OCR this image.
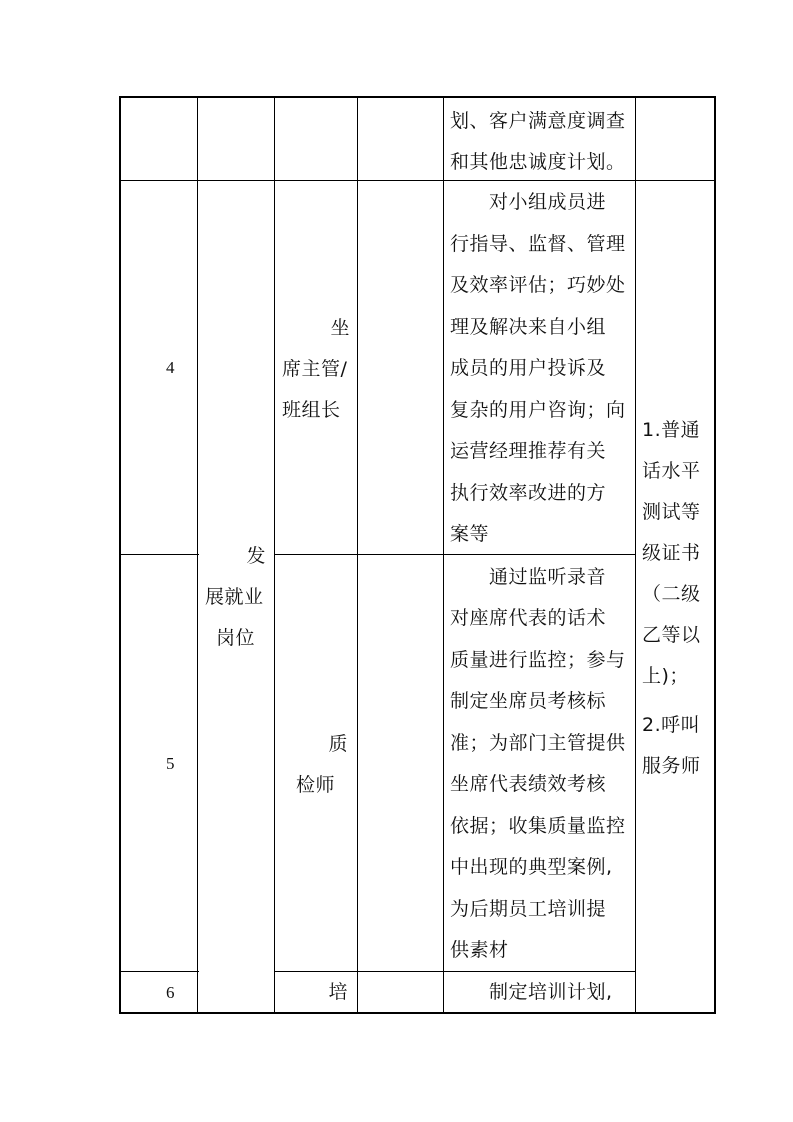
划、客户满意度调查
和其他忠诚度计划。
4
坐
席主管/
班组长
对小组成员进
行指导、监督、管理
及效率评估；巧妙处
理及解决来自小组
成员的用户投诉及
复杂的用户咨询；向
运营经理推荐有关
执行效率改进的方
案等
发
展就业
岗位
1.普通
话水平
测试等
级证书
（二级
乙等以
上)；
2.呼叫
服务师
5
质
检师
通过监听录音
对座席代表的话术
质量进行监控；参与
制定坐席员考核标
准；为部门主管提供
坐席代表绩效考核
依据；收集质量监控
中出现的典型案例,
为后期员工培训提
供素材
6	培	制定培训计划,
